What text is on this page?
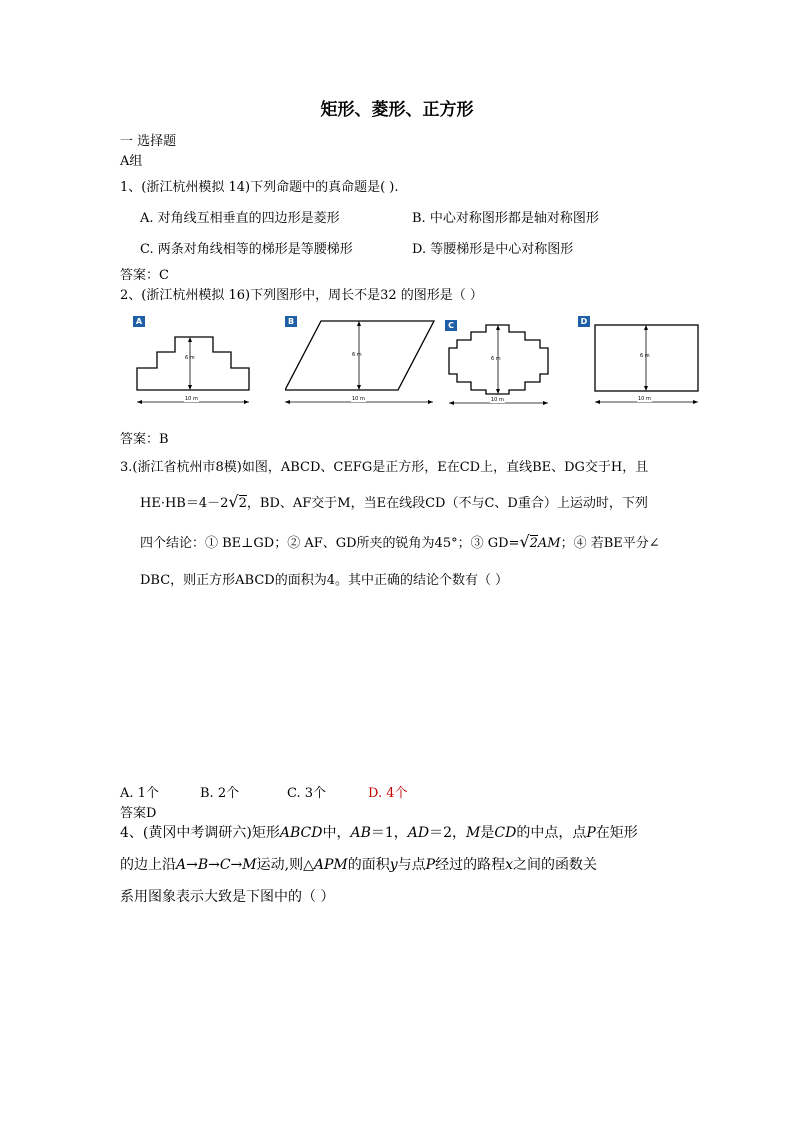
矩形、菱形、正方形
一 选择题
A组
1、(浙江杭州模拟 14)下列命题中的真命题是( ).
A. 对角线互相垂直的四边形是菱形	B. 中心对称图形都是轴对称图形
C. 两条对角线相等的梯形是等腰梯形	D. 等腰梯形是中心对称图形
答案：C
2、(浙江杭州模拟 16)下列图形中，周长不是32 的图形是（ ）
A
6 m
10 m
B
6 m
10 m
C
6 m
10 m
D
6 m
10 m
答案：B
3.(浙江省杭州市8模)如图，ABCD、CEFG是正方形，E在CD上，直线BE、DG交于H，且
HE·HB＝4－2√2，BD、AF交于M，当E在线段CD（不与C、D重合）上运动时，下列
四个结论：① BE⊥GD；② AF、GD所夹的锐角为45°；③ GD=√2AM；④ 若BE平分∠
DBC，则正方形ABCD的面积为4。其中正确的结论个数有（ ）
A. 1个	B. 2个	C. 3个	D. 4个
答案D
4、(黄冈中考调研六)矩形ABCD中，AB＝1，AD＝2，M是CD的中点，点P在矩形
的边上沿A→B→C→M运动,则△APM的面积y与点P经过的路程x之间的函数关
系用图象表示大致是下图中的（ ）
